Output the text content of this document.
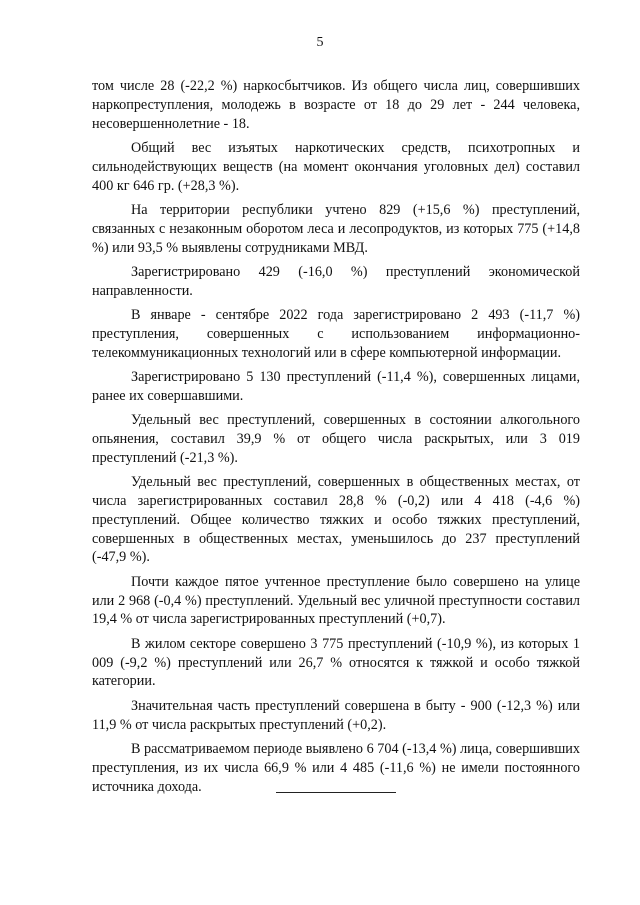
5

том числе 28 (-22,2 %) наркосбытчиков. Из общего числа лиц, совершивших наркопреступления, молодежь в возрасте от 18 до 29 лет - 244 человека, несовершеннолетние - 18.

Общий вес изъятых наркотических средств, психотропных и сильнодействующих веществ (на момент окончания уголовных дел) составил 400 кг 646 гр. (+28,3 %).

На территории республики учтено 829 (+15,6 %) преступлений, связанных с незаконным оборотом леса и лесопродуктов, из которых 775 (+14,8 %) или 93,5 % выявлены сотрудниками МВД.

Зарегистрировано 429 (-16,0 %) преступлений экономической направленности.

В январе - сентябре 2022 года зарегистрировано 2 493 (-11,7 %) преступления, совершенных с использованием информационно-телекоммуникационных технологий или в сфере компьютерной информации.

Зарегистрировано 5 130 преступлений (-11,4 %), совершенных лицами, ранее их совершавшими.

Удельный вес преступлений, совершенных в состоянии алкогольного опьянения, составил 39,9 % от общего числа раскрытых, или 3 019 преступлений (-21,3 %).

Удельный вес преступлений, совершенных в общественных местах, от числа зарегистрированных составил 28,8 % (-0,2) или 4 418 (-4,6 %) преступлений. Общее количество тяжких и особо тяжких преступлений, совершенных в общественных местах, уменьшилось до 237 преступлений (-47,9 %).

Почти каждое пятое учтенное преступление было совершено на улице или 2 968 (-0,4 %) преступлений. Удельный вес уличной преступности составил 19,4 % от числа зарегистрированных преступлений (+0,7).

В жилом секторе совершено 3 775 преступлений (-10,9 %), из которых 1 009 (-9,2 %) преступлений или 26,7 % относятся к тяжкой и особо тяжкой категории.

Значительная часть преступлений совершена в быту - 900 (-12,3 %) или 11,9 % от числа раскрытых преступлений (+0,2).

В рассматриваемом периоде выявлено 6 704 (-13,4 %) лица, совершивших преступления, из их числа 66,9 % или 4 485 (-11,6 %) не имели постоянного источника дохода.
